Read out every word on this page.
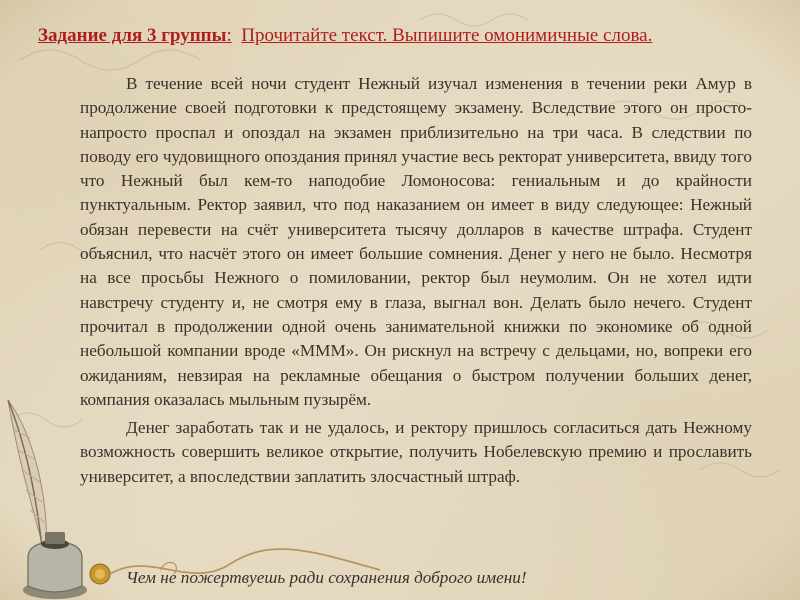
Задание для 3 группы: Прочитайте текст. Выпишите омонимичные слова.

В течение всей ночи студент Нежный изучал изменения в течении реки Амур в продолжение своей подготовки к предстоящему экзамену. Вследствие этого он просто-напросто проспал и опоздал на экзамен приблизительно на три часа. В следствии по поводу его чудовищного опоздания принял участие весь ректорат университета, ввиду того что Нежный был кем-то наподобие Ломоносова: гениальным и до крайности пунктуальным. Ректор заявил, что под наказанием он имеет в виду следующее: Нежный обязан перевести на счёт университета тысячу долларов в качестве штрафа. Студент объяснил, что насчёт этого он имеет большие сомнения. Денег у него не было. Несмотря на все просьбы Нежного о помиловании, ректор был неумолим. Он не хотел идти навстречу студенту и, не смотря ему в глаза, выгнал вон. Делать было нечего. Студент прочитал в продолжении одной очень занимательной книжки по экономике об одной небольшой компании вроде «МММ». Он рискнул на встречу с дельцами, но, вопреки его ожиданиям, невзирая на рекламные обещания о быстром получении больших денег, компания оказалась мыльным пузырём.

Денег заработать так и не удалось, и ректору пришлось согласиться дать Нежному возможность совершить великое открытие, получить Нобелевскую премию и прославить университет, а впоследствии заплатить злосчастный штраф.

Чем не пожертвуешь ради сохранения доброго имени!
